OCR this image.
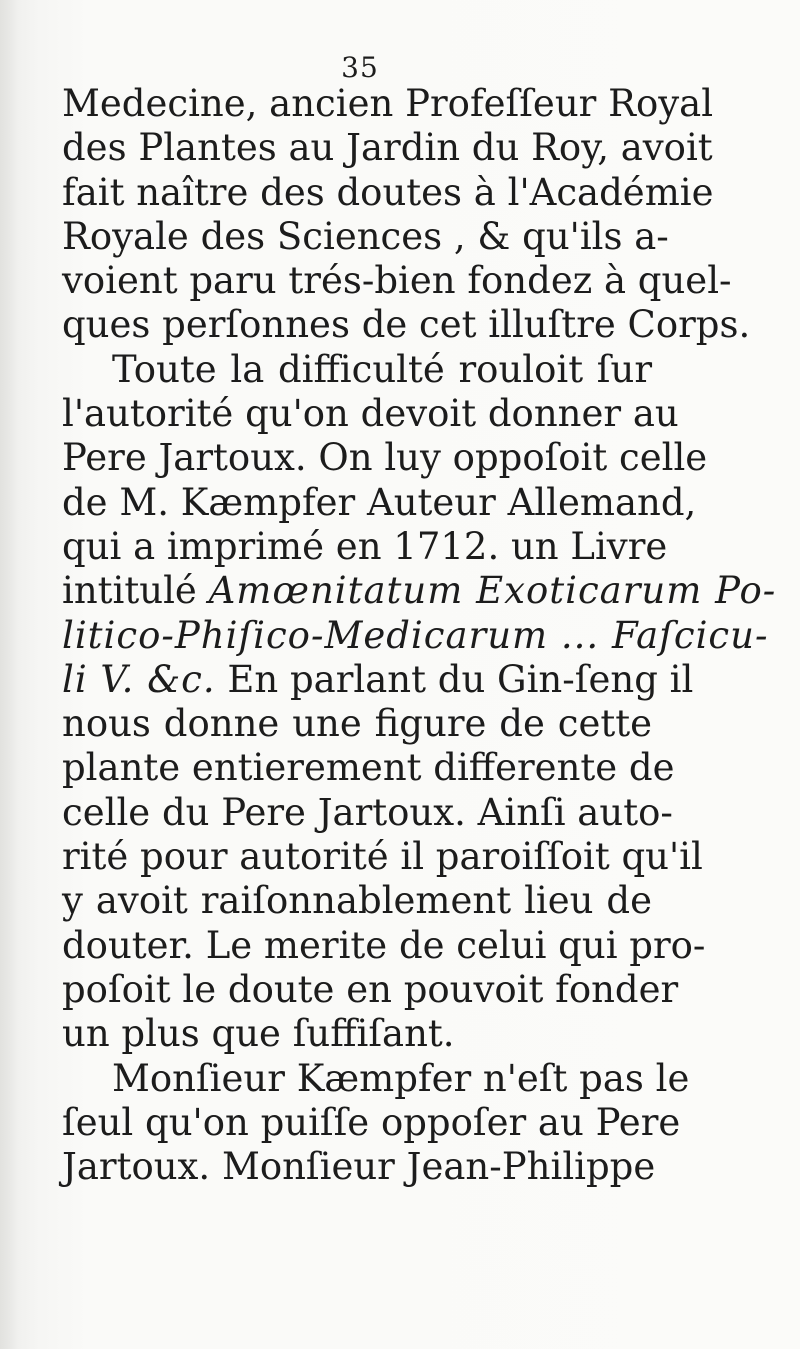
35
Medecine, ancien Profeſſeur Royal
des Plantes au Jardin du Roy, avoit
fait naître des doutes à l'Académie
Royale des Sciences , & qu'ils a-
voient paru trés-bien fondez à quel-
ques perſonnes de cet illuſtre Corps.
Toute la difficulté rouloit ſur
l'autorité qu'on devoit donner au
Pere Jartoux. On luy oppoſoit celle
de M. Kæmpfer Auteur Allemand,
qui a imprimé en 1712. un Livre
intitulé Amœnitatum Exoticarum Po-
litico-Phiſico-Medicarum ... Faſcicu-
li V. &c. En parlant du Gin-ſeng il
nous donne une figure de cette
plante entierement differente de
celle du Pere Jartoux. Ainſi auto-
rité pour autorité il paroiſſoit qu'il
y avoit raiſonnablement lieu de
douter. Le merite de celui qui pro-
poſoit le doute en pouvoit fonder
un plus que ſuffiſant.
Monſieur Kæmpfer n'eſt pas le
ſeul qu'on puiſſe oppoſer au Pere
Jartoux. Monſieur Jean-Philippe
